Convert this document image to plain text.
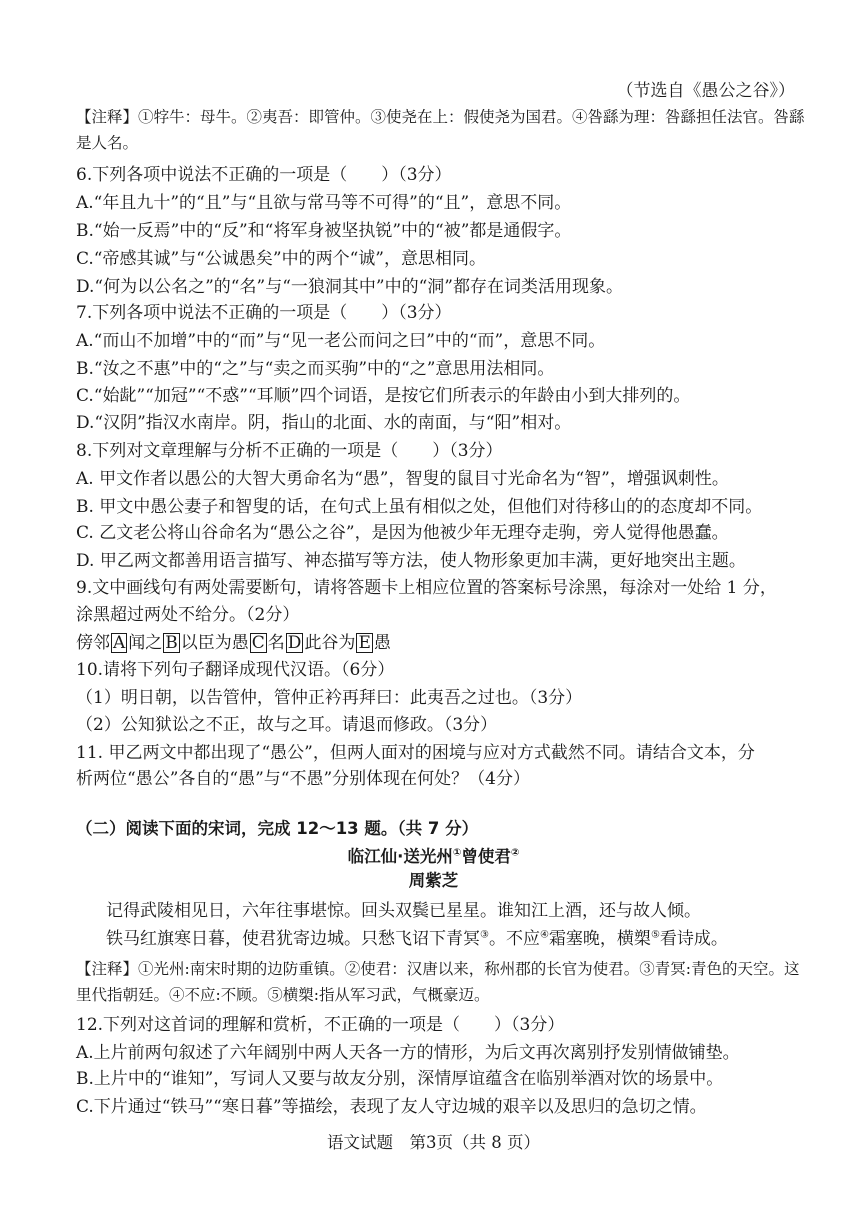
（节选自《愚公之谷》）
【注释】①牸牛：母牛。②夷吾：即管仲。③使尧在上：假使尧为国君。④咎繇为理：咎繇担任法官。咎繇
是人名。
6.下列各项中说法不正确的一项是（　　）（3分）
A.“年且九十”的“且”与“且欲与常马等不可得”的“且”，意思不同。
B.“始一反焉”中的“反”和“将军身被坚执锐”中的“被”都是通假字。
C.“帝感其诚”与“公诚愚矣”中的两个“诚”，意思相同。
D.“何为以公名之”的“名”与“一狼洞其中”中的“洞”都存在词类活用现象。
7.下列各项中说法不正确的一项是（　　）（3分）
A.“而山不加增”中的“而”与“见一老公而问之曰”中的“而”，意思不同。
B.“汝之不惠”中的“之”与“卖之而买驹”中的“之”意思用法相同。
C.“始龀”“加冠”“不惑”“耳顺”四个词语，是按它们所表示的年龄由小到大排列的。
D.“汉阴”指汉水南岸。阴，指山的北面、水的南面，与“阳”相对。
8.下列对文章理解与分析不正确的一项是（　　）（3分）
A. 甲文作者以愚公的大智大勇命名为“愚”，智叟的鼠目寸光命名为“智”，增强讽刺性。
B. 甲文中愚公妻子和智叟的话，在句式上虽有相似之处，但他们对待移山的的态度却不同。
C. 乙文老公将山谷命名为“愚公之谷”，是因为他被少年无理夺走驹，旁人觉得他愚蠢。
D. 甲乙两文都善用语言描写、神态描写等方法，使人物形象更加丰满，更好地突出主题。
9.文中画线句有两处需要断句，请将答题卡上相应位置的答案标号涂黑，每涂对一处给 1 分，
涂黑超过两处不给分。（2分）
傍邻 A 闻之 B 以臣为愚 C 名 D 此谷为 E 愚
10.请将下列句子翻译成现代汉语。（6分）
（1）明日朝，以告管仲，管仲正衿再拜曰：此夷吾之过也。（3分）
（2）公知狱讼之不正，故与之耳。请退而修政。（3分）
11. 甲乙两文中都出现了“愚公”，但两人面对的困境与应对方式截然不同。请结合文本，分
析两位“愚公”各自的“愚”与“不愚”分别体现在何处？（4分）
（二）阅读下面的宋词，完成 12～13 题。（共 7 分）
临江仙·送光州①曾使君②
周紫芝
记得武陵相见日，六年往事堪惊。回头双鬓已星星。谁知江上酒，还与故人倾。
铁马红旗寒日暮，使君犹寄边城。只愁飞诏下青冥③。不应④霜塞晚，横槊⑤看诗成。
【注释】①光州:南宋时期的边防重镇。②使君：汉唐以来，称州郡的长官为使君。③青冥:青色的天空。这
里代指朝廷。④不应:不顾。⑤横槊:指从军习武，气概豪迈。
12.下列对这首词的理解和赏析，不正确的一项是（　　）（3分）
A.上片前两句叙述了六年阔别中两人天各一方的情形，为后文再次离别抒发别情做铺垫。
B.上片中的“谁知”，写词人又要与故友分别，深情厚谊蕴含在临别举酒对饮的场景中。
C.下片通过“铁马”“寒日暮”等描绘，表现了友人守边城的艰辛以及思归的急切之情。
语文试题　第3页（共 8 页）
